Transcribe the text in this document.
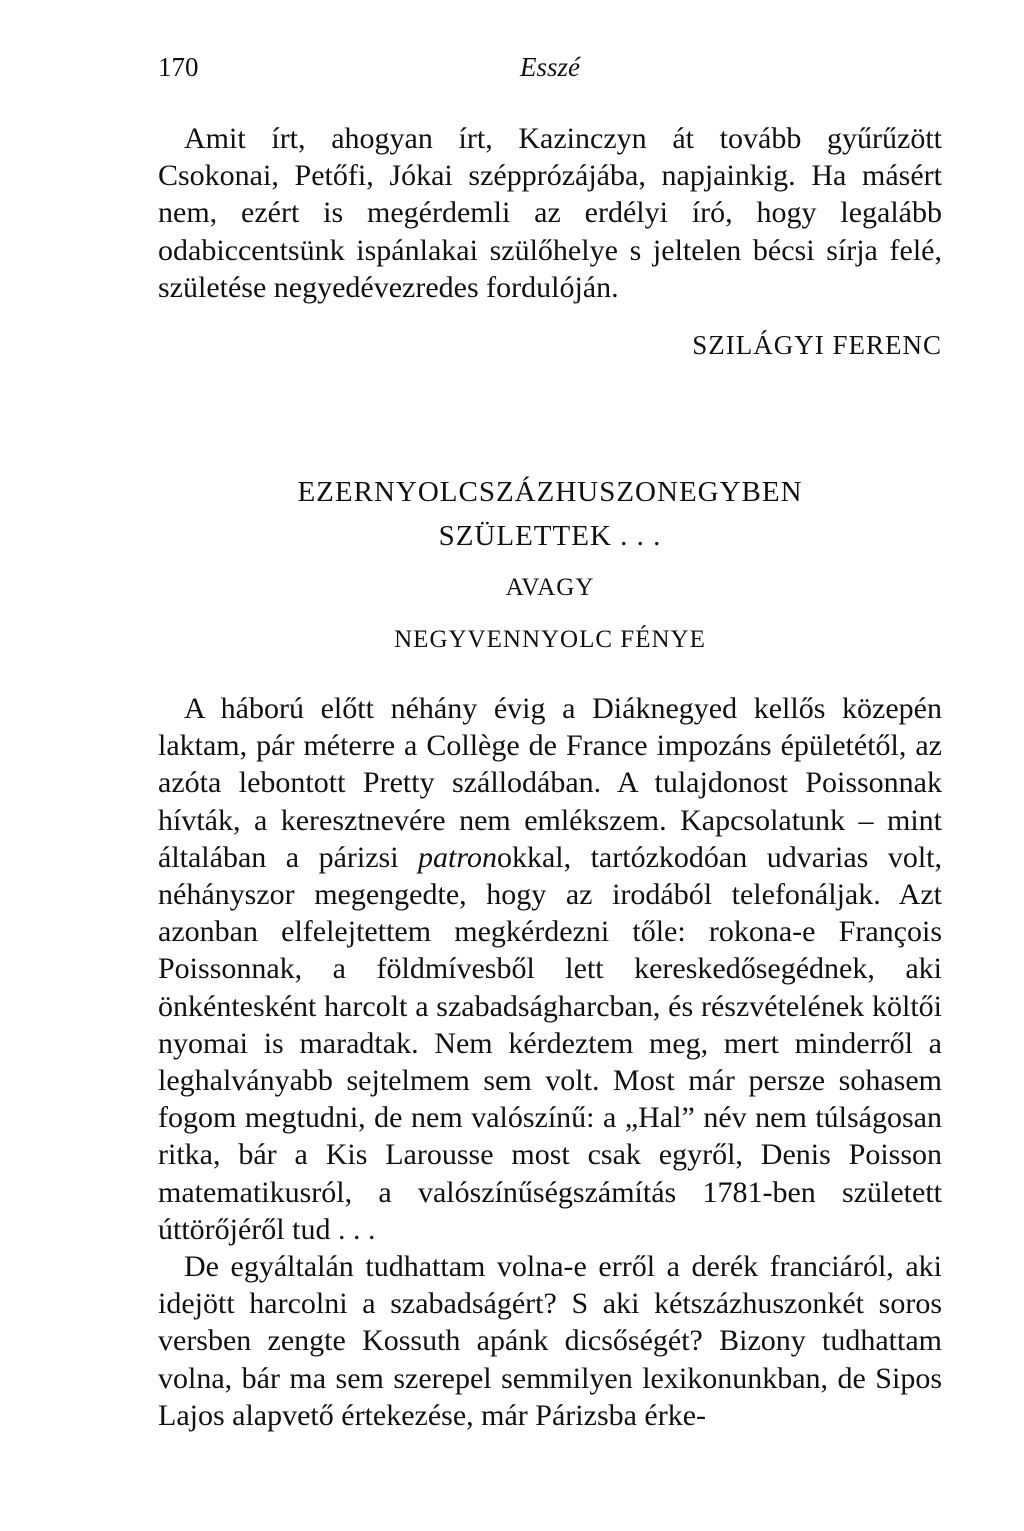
170	Esszé

Amit írt, ahogyan írt, Kazinczyn át tovább gyűrűzött Csokonai, Petőfi, Jókai szépprózájába, napjainkig. Ha másért nem, ezért is megérdemli az erdélyi író, hogy legalább odabiccentsünk ispánlakai szülőhelye s jeltelen bécsi sírja felé, születése negyedévezredes fordulóján.

SZILÁGYI FERENC
EZERNYOLCSZÁZHUSZONEGYBEN
SZÜLETTEK . . .
AVAGY
NEGYVENNYOLC FÉNYE

A háború előtt néhány évig a Diáknegyed kellős közepén laktam, pár méterre a Collège de France impozáns épületétől, az azóta lebontott Pretty szállodában. A tulajdonost Poissonnak hívták, a keresztnevére nem emlékszem. Kapcsolatunk – mint általában a párizsi patronokkal, tartózkodóan udvarias volt, néhányszor megengedte, hogy az irodából telefonáljak. Azt azonban elfelejtettem megkérdezni tőle: rokona-e François Poissonnak, a földmívesből lett kereskedősegédnek, aki önkéntesként harcolt a szabadságharcban, és részvételének költői nyomai is maradtak. Nem kérdeztem meg, mert minderről a leghalványabb sejtelmem sem volt. Most már persze sohasem fogom megtudni, de nem valószínű: a „Hal” név nem túlságosan ritka, bár a Kis Larousse most csak egyről, Denis Poisson matematikusról, a valószínűségszámítás 1781-ben született úttörőjéről tud . . .

De egyáltalán tudhattam volna-e erről a derék franciáról, aki idejött harcolni a szabadságért? S aki kétszázhuszonkét soros versben zengte Kossuth apánk dicsőségét? Bizony tudhattam volna, bár ma sem szerepel semmilyen lexikonunkban, de Sipos Lajos alapvető értekezése, már Párizsba érke-
